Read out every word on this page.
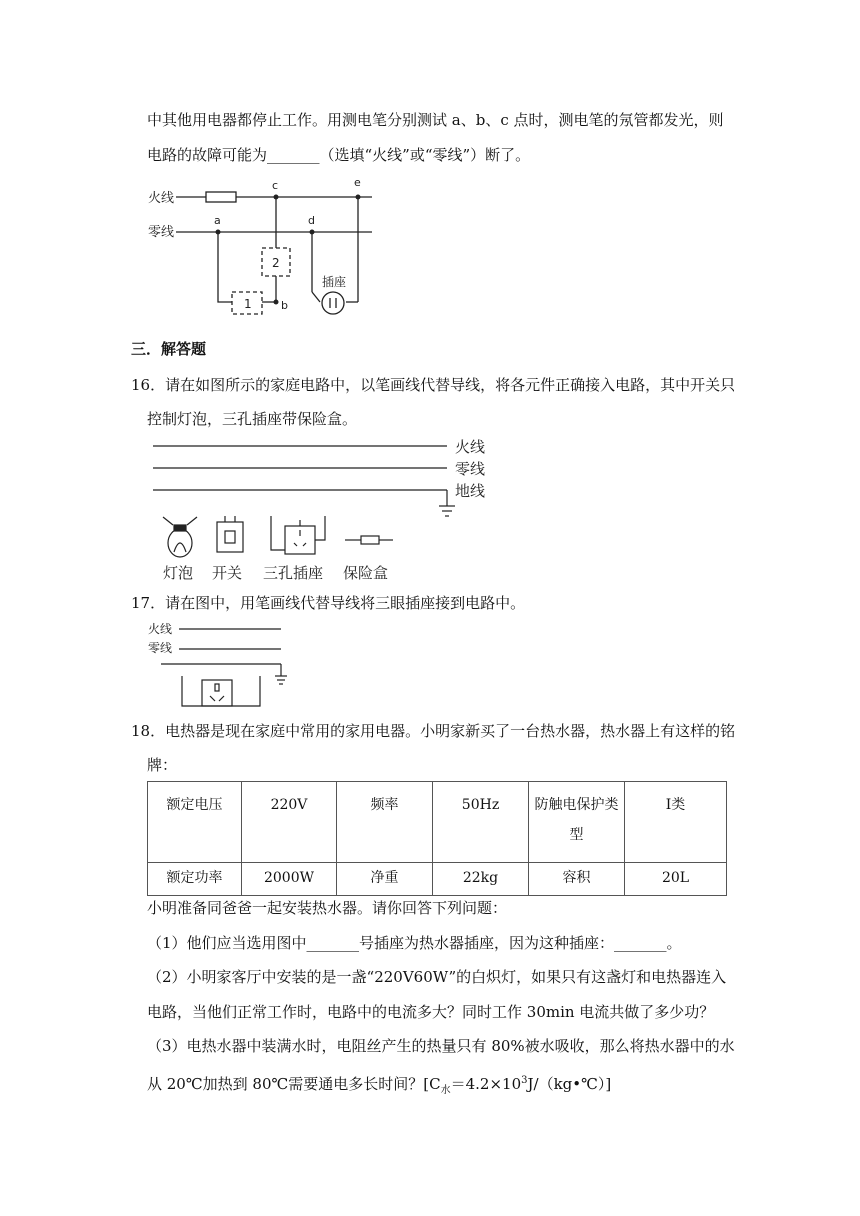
中其他用电器都停止工作。用测电笔分别测试 a、b、c 点时，测电笔的氖管都发光，则
电路的故障可能为_______（选填“火线”或“零线”）断了。
火线
零线
a
b
c
d
e
1
2
插座
三．解答题
16．请在如图所示的家庭电路中，以笔画线代替导线，将各元件正确接入电路，其中开关只
控制灯泡，三孔插座带保险盒。
火线
零线
地线
灯泡 开关 三孔插座 保险盒
17．请在图中，用笔画线代替导线将三眼插座接到电路中。
火线
零线
18．电热器是现在家庭中常用的家用电器。小明家新买了一台热水器，热水器上有这样的铭
牌：
额定电压	220V	频率	50Hz	防触电保护类型	Ⅰ类
额定功率	2000W	净重	22kg	容积	20L
小明准备同爸爸一起安装热水器。请你回答下列问题：
（1）他们应当选用图中_______号插座为热水器插座，因为这种插座：_______。
（2）小明家客厅中安装的是一盏“220V60W”的白炽灯，如果只有这盏灯和电热器连入
电路，当他们正常工作时，电路中的电流多大？同时工作 30min 电流共做了多少功？
（3）电热水器中装满水时，电阻丝产生的热量只有 80%被水吸收，那么将热水器中的水
从 20℃加热到 80℃需要通电多长时间？$[C_水=4.2\times 10^3J/(kg•℃)]$
